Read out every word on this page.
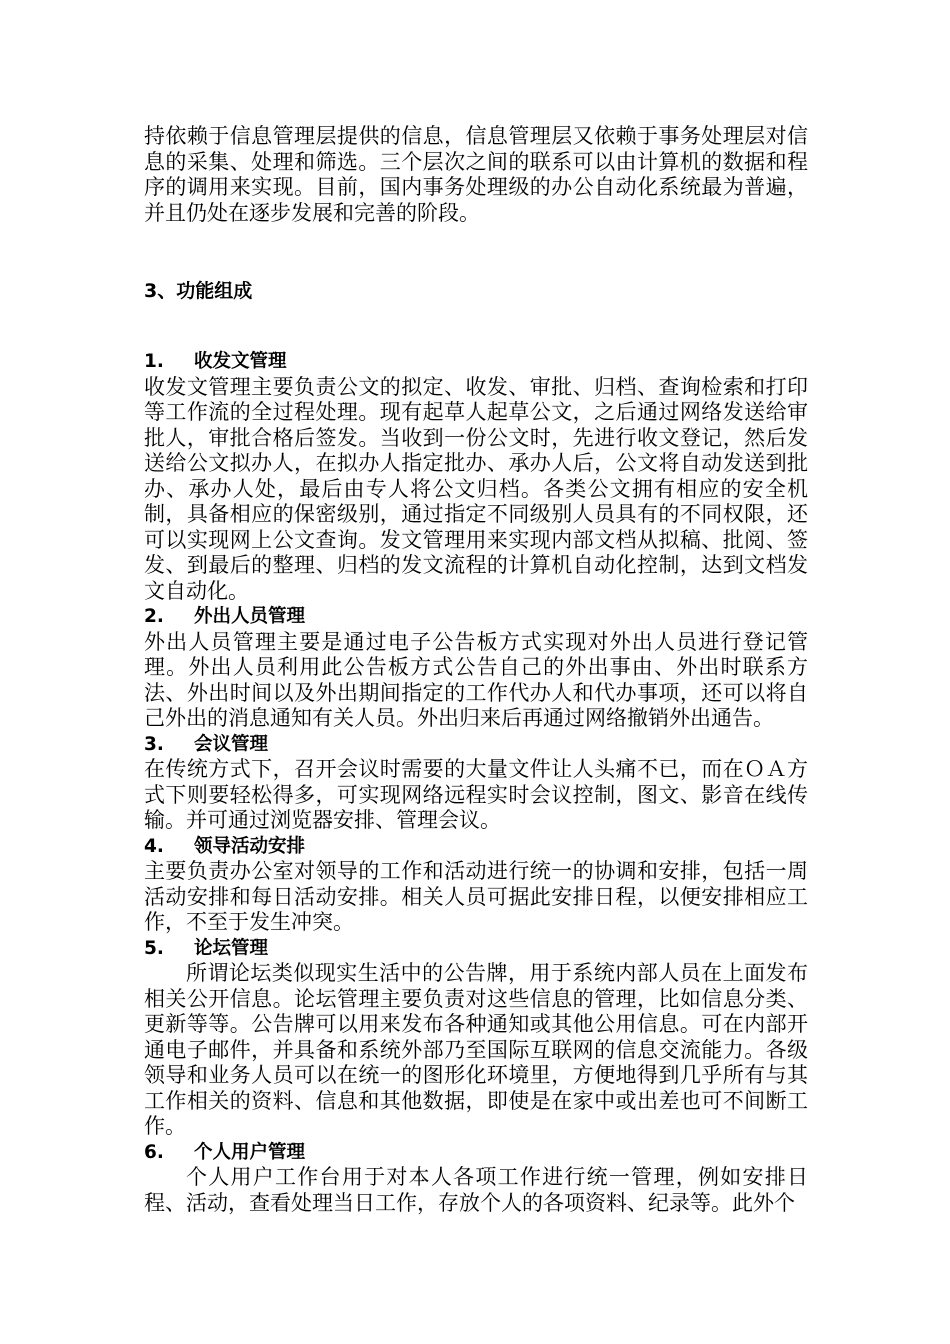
持依赖于信息管理层提供的信息，信息管理层又依赖于事务处理层对信息的采集、处理和筛选。三个层次之间的联系可以由计算机的数据和程序的调用来实现。目前，国内事务处理级的办公自动化系统最为普遍，并且仍处在逐步发展和完善的阶段。

3、功能组成

1. 收发文管理

收发文管理主要负责公文的拟定、收发、审批、归档、查询检索和打印等工作流的全过程处理。现有起草人起草公文，之后通过网络发送给审批人，审批合格后签发。当收到一份公文时，先进行收文登记，然后发送给公文拟办人，在拟办人指定批办、承办人后，公文将自动发送到批办、承办人处，最后由专人将公文归档。各类公文拥有相应的安全机制，具备相应的保密级别，通过指定不同级别人员具有的不同权限，还可以实现网上公文查询。发文管理用来实现内部文档从拟稿、批阅、签发、到最后的整理、归档的发文流程的计算机自动化控制，达到文档发文自动化。

2. 外出人员管理

外出人员管理主要是通过电子公告板方式实现对外出人员进行登记管理。外出人员利用此公告板方式公告自己的外出事由、外出时联系方法、外出时间以及外出期间指定的工作代办人和代办事项，还可以将自己外出的消息通知有关人员。外出归来后再通过网络撤销外出通告。

3. 会议管理

在传统方式下，召开会议时需要的大量文件让人头痛不已，而在ＯＡ方式下则要轻松得多，可实现网络远程实时会议控制，图文、影音在线传输。并可通过浏览器安排、管理会议。

4. 领导活动安排

主要负责办公室对领导的工作和活动进行统一的协调和安排，包括一周活动安排和每日活动安排。相关人员可据此安排日程，以便安排相应工作，不至于发生冲突。

5. 论坛管理

所谓论坛类似现实生活中的公告牌，用于系统内部人员在上面发布相关公开信息。论坛管理主要负责对这些信息的管理，比如信息分类、更新等等。公告牌可以用来发布各种通知或其他公用信息。可在内部开通电子邮件，并具备和系统外部乃至国际互联网的信息交流能力。各级领导和业务人员可以在统一的图形化环境里，方便地得到几乎所有与其工作相关的资料、信息和其他数据，即使是在家中或出差也可不间断工作。

6. 个人用户管理

个人用户工作台用于对本人各项工作进行统一管理，例如安排日程、活动，查看处理当日工作，存放个人的各项资料、纪录等。此外个
